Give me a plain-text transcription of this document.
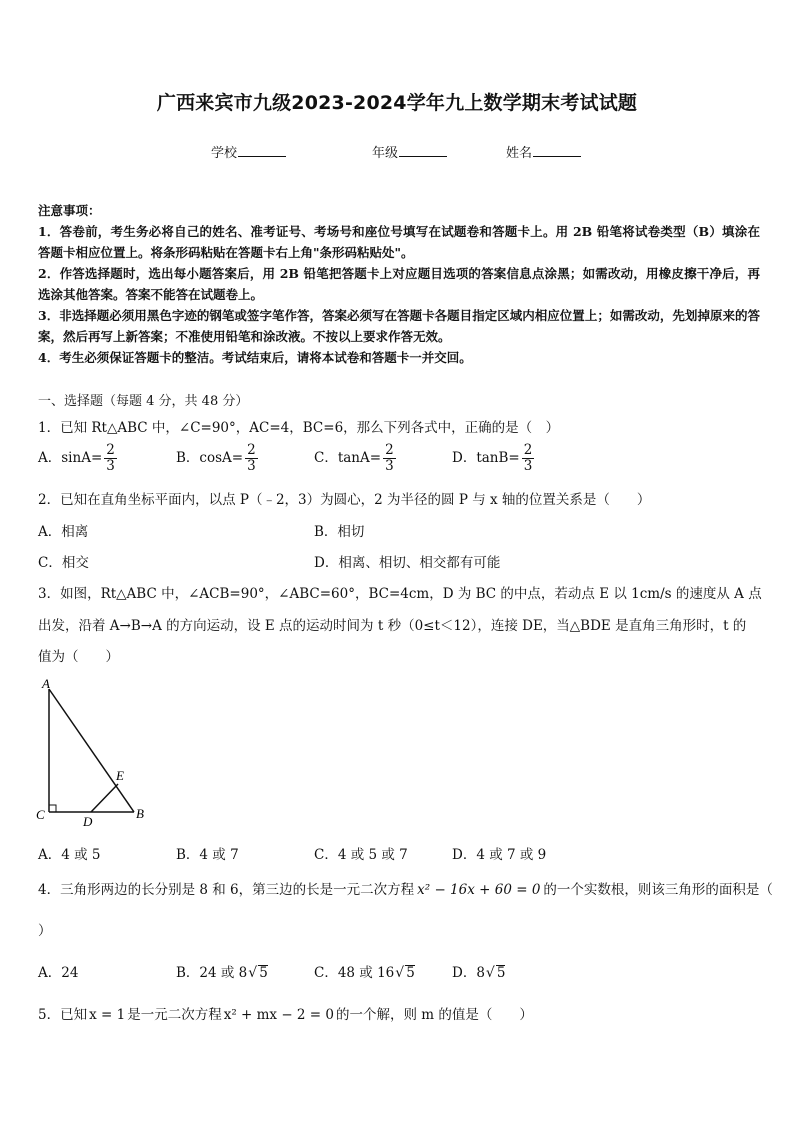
广西来宾市九级2023-2024学年九上数学期末考试试题
学校	年级	姓名
注意事项：
1．答卷前，考生务必将自己的姓名、准考证号、考场号和座位号填写在试题卷和答题卡上。用 2B 铅笔将试卷类型（B）填涂在答题卡相应位置上。将条形码粘贴在答题卡右上角"条形码粘贴处"。
2．作答选择题时，选出每小题答案后，用 2B 铅笔把答题卡上对应题目选项的答案信息点涂黑；如需改动，用橡皮擦干净后，再选涂其他答案。答案不能答在试题卷上。
3．非选择题必须用黑色字迹的钢笔或签字笔作答，答案必须写在答题卡各题目指定区域内相应位置上；如需改动，先划掉原来的答案，然后再写上新答案；不准使用铅笔和涂改液。不按以上要求作答无效。
4．考生必须保证答题卡的整洁。考试结束后，请将本试卷和答题卡一并交回。
一、选择题（每题 4 分，共 48 分）
1．已知 Rt△ABC 中，∠C=90°，AC=4，BC=6，那么下列各式中，正确的是（　）
A．$\sin A= \frac{2}{3}$	B．$\cos A= \frac{2}{3}$	C．$\tan A= \frac{2}{3}$	D．$\tan B= \frac{2}{3}$
2．已知在直角坐标平面内，以点 P（﹣2，3）为圆心，2 为半径的圆 P 与 x 轴的位置关系是（　　）
A．相离	B．相切
C．相交	D．相离、相切、相交都有可能
3．如图，Rt△ABC 中，∠ACB=90°，∠ABC=60°，BC=4cm，D 为 BC 的中点，若动点 E 以 1cm/s 的速度从 A 点
出发，沿着 A→B→A 的方向运动，设 E 点的运动时间为 t 秒（0≤t＜12），连接 DE，当△BDE 是直角三角形时，t 的
值为（　　）
A
C	D
B
E
A．4 或 5	B．4 或 7	C．4 或 5 或 7	D．4 或 7 或 9
4．三角形两边的长分别是 8 和 6，第三边的长是一元二次方程 x² − 16x + 60 = 0 的一个实数根，则该三角形的面积是（
）
A．24	B．24 或 8√ 5	C．48 或 16√ 5	D．8√ 5
5．已知 x = 1 是一元二次方程 x² + mx − 2 = 0 的一个解，则 m 的值是（　　）
